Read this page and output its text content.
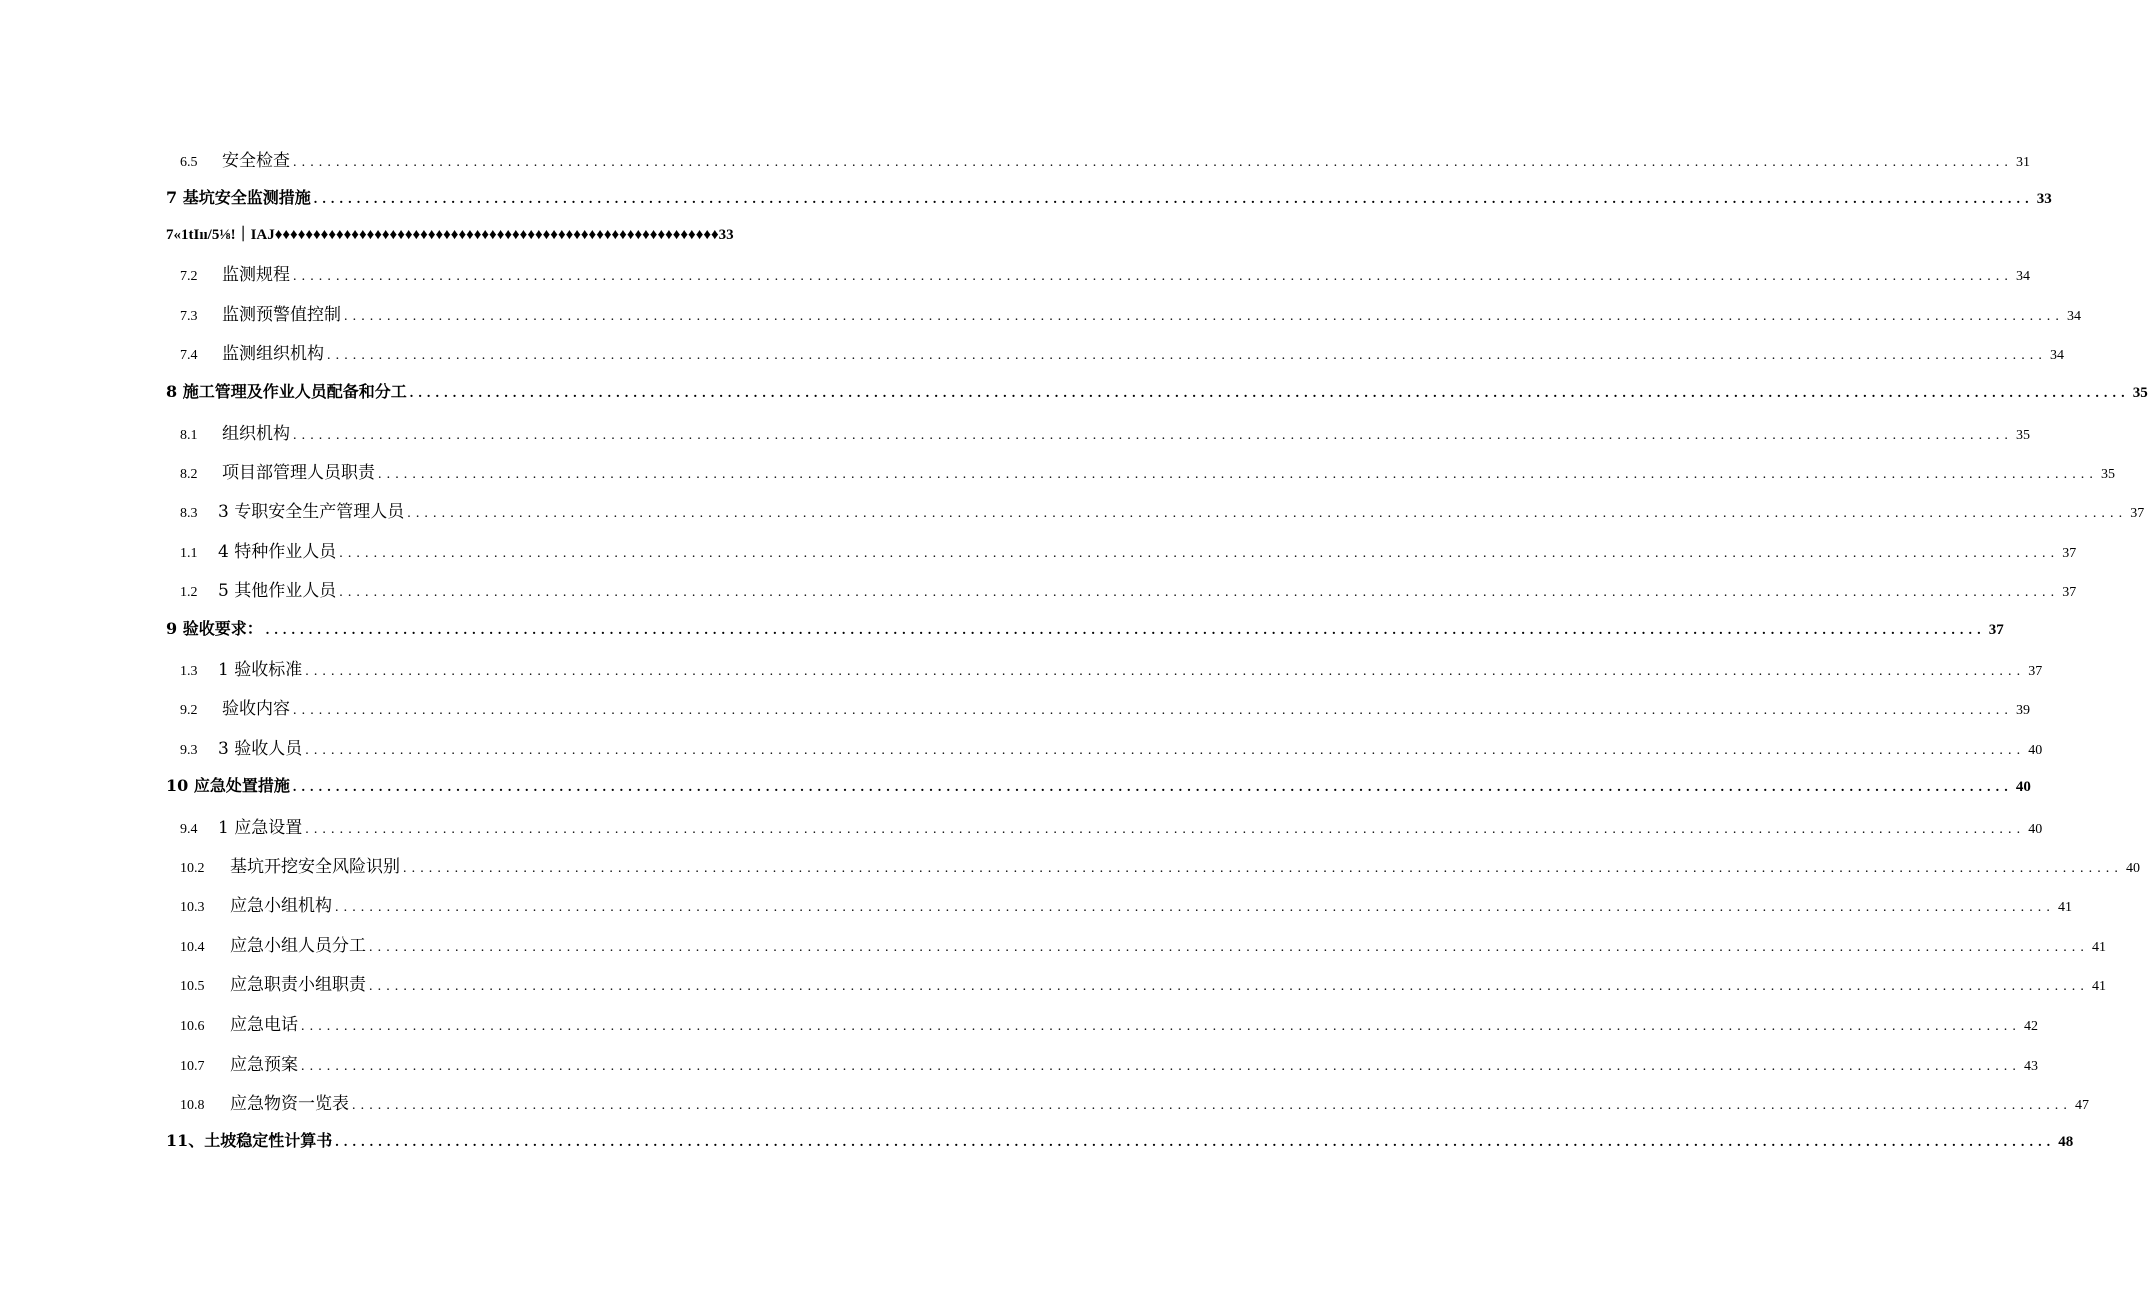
6.5	安全检查 ........................................................................................................................................................................................................ 31
7 基坑安全监测措施 ........................................................................................................................................................................................................ 33
7«1tIıı/5⅛!｜IAJ♦♦♦♦♦♦♦♦♦♦♦♦♦♦♦♦♦♦♦♦♦♦♦♦♦♦♦♦♦♦♦♦♦♦♦♦♦♦♦♦♦♦♦♦♦♦♦♦♦♦♦♦♦♦♦♦♦♦33
7.2	监测规程 ........................................................................................................................................................................................................ 34
7.3	监测预警值控制 ........................................................................................................................................................................................................ 34
7.4	监测组织机构 ........................................................................................................................................................................................................ 34
8 施工管理及作业人员配备和分工 ........................................................................................................................................................................................................ 35
8.1	组织机构 ........................................................................................................................................................................................................ 35
8.2	项目部管理人员职责 ........................................................................................................................................................................................................ 35
8.3	3 专职安全生产管理人员 ........................................................................................................................................................................................................ 37
1.1	4 特种作业人员 ........................................................................................................................................................................................................ 37
1.2	5 其他作业人员 ........................................................................................................................................................................................................ 37
9 验收要求： ........................................................................................................................................................................................................ 37
1.3	1 验收标准 ........................................................................................................................................................................................................ 37
9.2	验收内容 ........................................................................................................................................................................................................ 39
9.3	3 验收人员 ........................................................................................................................................................................................................ 40
10 应急处置措施 ........................................................................................................................................................................................................ 40
9.4	1 应急设置 ........................................................................................................................................................................................................ 40
10.2	基坑开挖安全风险识别 ........................................................................................................................................................................................................ 40
10.3	应急小组机构 ........................................................................................................................................................................................................ 41
10.4	应急小组人员分工 ........................................................................................................................................................................................................ 41
10.5	应急职责小组职责 ........................................................................................................................................................................................................ 41
10.6	应急电话 ........................................................................................................................................................................................................ 42
10.7	应急预案 ........................................................................................................................................................................................................ 43
10.8	应急物资一览表 ........................................................................................................................................................................................................ 47
11、土坡稳定性计算书 ........................................................................................................................................................................................................ 48
